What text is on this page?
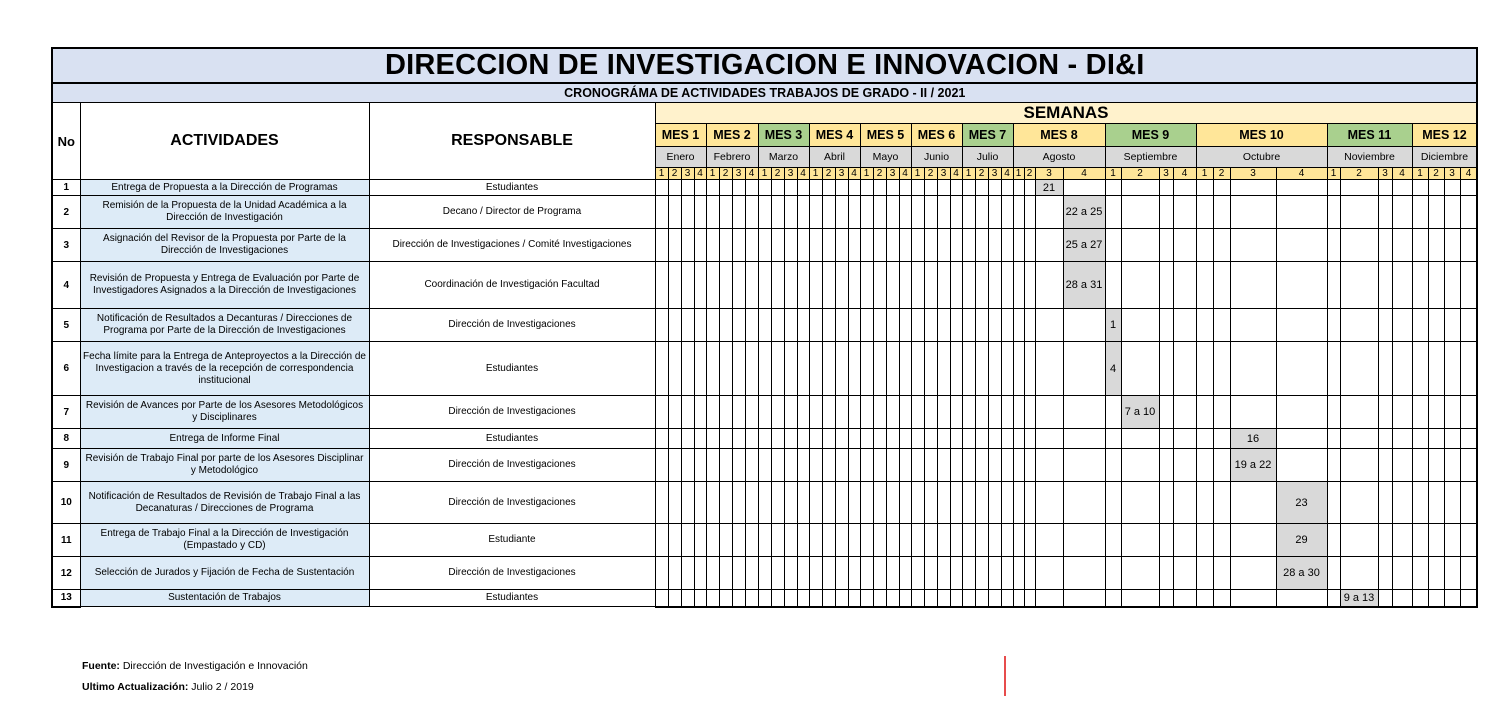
DIRECCION DE INVESTIGACION E INNOVACION - DI&I																																																		
CRONOGRÁMA DE ACTIVIDADES TRABAJOS DE GRADO - II / 2021																																																		
No	ACTIVIDADES	RESPONSABLE	SEMANAS																																															
			MES 1				MES 2				MES 3				MES 4				MES 5				MES 6				MES 7				MES 8				MES 9				MES 10				MES 11				MES 12			
			Enero				Febrero				Marzo				Abril				Mayo				Junio				Julio				Agosto				Septiembre				Octubre				Noviembre				Diciembre			
			1	2	3	4	1	2	3	4	1	2	3	4	1	2	3	4	1	2	3	4	1	2	3	4	1	2	3	4	1	2	3	4	1	2	3	4	1	2	3	4	1	2	3	4	1	2	3	4
1	Entrega de Propuesta a la Dirección de Programas	Estudiantes																															21																	
2	Remisión de la Propuesta de la Unidad Académica a la Dirección de Investigación	Decano / Director de Programa																																22 a 25																
3	Asignación del Revisor de la Propuesta por Parte de la Dirección de Investigaciones	Dirección de Investigaciones / Comité Investigaciones																																25 a 27																
4	Revisión de Propuesta y Entrega de Evaluación por Parte de Investigadores Asignados a la Dirección de Investigaciones	Coordinación de Investigación Facultad																																28 a 31																
5	Notificación de Resultados a Decanturas / Direcciones de Programa por Parte de la Dirección de Investigaciones	Dirección de Investigaciones																																	1															
6	Fecha límite para la Entrega de Anteproyectos a la Dirección de Investigacion a través de la recepción de correspondencia institucional	Estudiantes																																	4															
7	Revisión de Avances por Parte de los Asesores Metodológicos y Disciplinares	Dirección de Investigaciones																																		7 a 10														
8	Entrega de Informe Final	Estudiantes																																							16									
9	Revisión de Trabajo Final por parte de los Asesores Disciplinar y Metodológico	Dirección de Investigaciones																																							19 a 22									
10	Notificación de Resultados de Revisión de Trabajo Final a las Decanaturas / Direcciones de Programa	Dirección de Investigaciones																																								23								
11	Entrega de Trabajo Final a la Dirección de Investigación (Empastado y CD)	Estudiante																																								29								
12	Selección de Jurados y Fijación de Fecha de Sustentación	Dirección de Investigaciones																																								28 a 30								
13	Sustentación de Trabajos	Estudiantes																																										9 a 13						
Fuente: Dirección de Investigación e Innovación
Ultimo Actualización: Julio 2 / 2019
